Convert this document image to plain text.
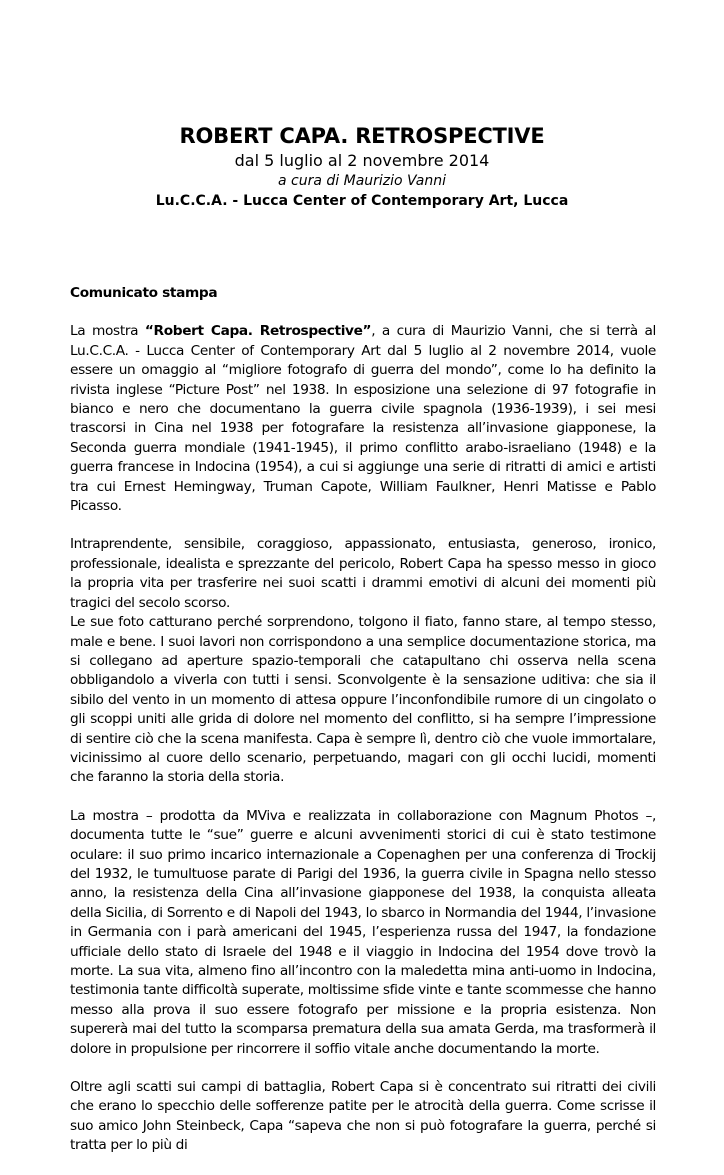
ROBERT CAPA. RETROSPECTIVE
dal 5 luglio al 2 novembre 2014
a cura di Maurizio Vanni
Lu.C.C.A. - Lucca Center of Contemporary Art, Lucca
Comunicato stampa

La mostra “Robert Capa. Retrospective”, a cura di Maurizio Vanni, che si terrà al Lu.C.C.A. - Lucca Center of Contemporary Art dal 5 luglio al 2 novembre 2014, vuole essere un omaggio al “migliore fotografo di guerra del mondo”, come lo ha definito la rivista inglese “Picture Post” nel 1938. In esposizione una selezione di 97 fotografie in bianco e nero che documentano la guerra civile spagnola (1936-1939), i sei mesi trascorsi in Cina nel 1938 per fotografare la resistenza all’invasione giapponese, la Seconda guerra mondiale (1941-1945), il primo conflitto arabo-israeliano (1948) e la guerra francese in Indocina (1954), a cui si aggiunge una serie di ritratti di amici e artisti tra cui Ernest Hemingway, Truman Capote, William Faulkner, Henri Matisse e Pablo Picasso.

Intraprendente, sensibile, coraggioso, appassionato, entusiasta, generoso, ironico, professionale, idealista e sprezzante del pericolo, Robert Capa ha spesso messo in gioco la propria vita per trasferire nei suoi scatti i drammi emotivi di alcuni dei momenti più tragici del secolo scorso.

Le sue foto catturano perché sorprendono, tolgono il fiato, fanno stare, al tempo stesso, male e bene. I suoi lavori non corrispondono a una semplice documentazione storica, ma si collegano ad aperture spazio-temporali che catapultano chi osserva nella scena obbligandolo a viverla con tutti i sensi. Sconvolgente è la sensazione uditiva: che sia il sibilo del vento in un momento di attesa oppure l’inconfondibile rumore di un cingolato o gli scoppi uniti alle grida di dolore nel momento del conflitto, si ha sempre l’impressione di sentire ciò che la scena manifesta. Capa è sempre lì, dentro ciò che vuole immortalare, vicinissimo al cuore dello scenario, perpetuando, magari con gli occhi lucidi, momenti che faranno la storia della storia.

La mostra – prodotta da MViva e realizzata in collaborazione con Magnum Photos –, documenta tutte le “sue” guerre e alcuni avvenimenti storici di cui è stato testimone oculare: il suo primo incarico internazionale a Copenaghen per una conferenza di Trockij del 1932, le tumultuose parate di Parigi del 1936, la guerra civile in Spagna nello stesso anno, la resistenza della Cina all’invasione giapponese del 1938, la conquista alleata della Sicilia, di Sorrento e di Napoli del 1943, lo sbarco in Normandia del 1944, l’invasione in Germania con i parà americani del 1945, l’esperienza russa del 1947, la fondazione ufficiale dello stato di Israele del 1948 e il viaggio in Indocina del 1954 dove trovò la morte. La sua vita, almeno fino all’incontro con la maledetta mina anti-uomo in Indocina, testimonia tante difficoltà superate, moltissime sfide vinte e tante scommesse che hanno messo alla prova il suo essere fotografo per missione e la propria esistenza. Non supererà mai del tutto la scomparsa prematura della sua amata Gerda, ma trasformerà il dolore in propulsione per rincorrere il soffio vitale anche documentando la morte.

Oltre agli scatti sui campi di battaglia, Robert Capa si è concentrato sui ritratti dei civili che erano lo specchio delle sofferenze patite per le atrocità della guerra. Come scrisse il suo amico John Steinbeck, Capa “sapeva che non si può fotografare la guerra, perché si tratta per lo più di
